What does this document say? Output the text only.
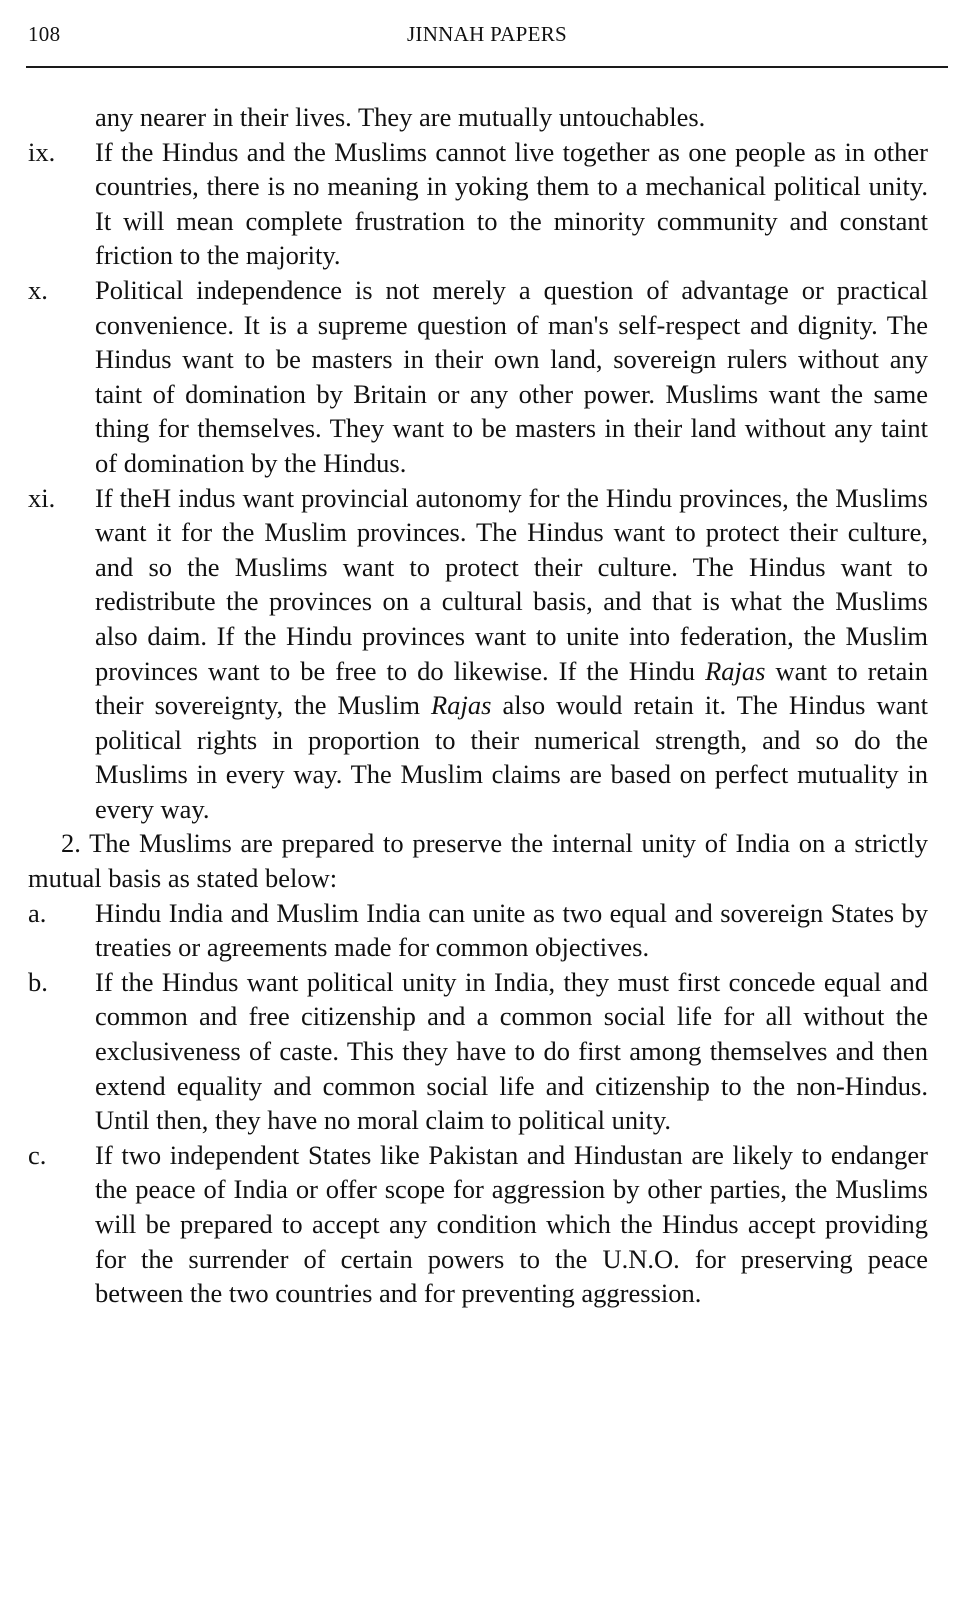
108	JINNAH PAPERS
any nearer in their lives. They are mutually untouchables.
ix.	If the Hindus and the Muslims cannot live together as one people as in other countries, there is no meaning in yoking them to a mechanical political unity. It will mean complete frustration to the minority community and constant friction to the majority.
x.	Political independence is not merely a question of advantage or practical convenience. It is a supreme question of man's self-respect and dignity. The Hindus want to be masters in their own land, sovereign rulers without any taint of domination by Britain or any other power. Muslims want the same thing for themselves. They want to be masters in their land without any taint of domination by the Hindus.
xi.	If theH indus want provincial autonomy for the Hindu provinces, the Muslims want it for the Muslim provinces. The Hindus want to protect their culture, and so the Muslims want to protect their culture. The Hindus want to redistribute the provinces on a cultural basis, and that is what the Muslims also daim. If the Hindu provinces want to unite into federation, the Muslim provinces want to be free to do likewise. If the Hindu Rajas want to retain their sovereignty, the Muslim Rajas also would retain it. The Hindus want political rights in proportion to their numerical strength, and so do the Muslims in every way. The Muslim claims are based on perfect mutuality in every way.
2. The Muslims are prepared to preserve the internal unity of India on a strictly mutual basis as stated below:
a.	Hindu India and Muslim India can unite as two equal and sovereign States by treaties or agreements made for common objectives.
b.	If the Hindus want political unity in India, they must first concede equal and common and free citizenship and a common social life for all without the exclusiveness of caste. This they have to do first among themselves and then extend equality and common social life and citizenship to the non-Hindus. Until then, they have no moral claim to political unity.
c.	If two independent States like Pakistan and Hindustan are likely to endanger the peace of India or offer scope for aggression by other parties, the Muslims will be prepared to accept any condition which the Hindus accept providing for the surrender of certain powers to the U.N.O. for preserving peace between the two countries and for preventing aggression.
